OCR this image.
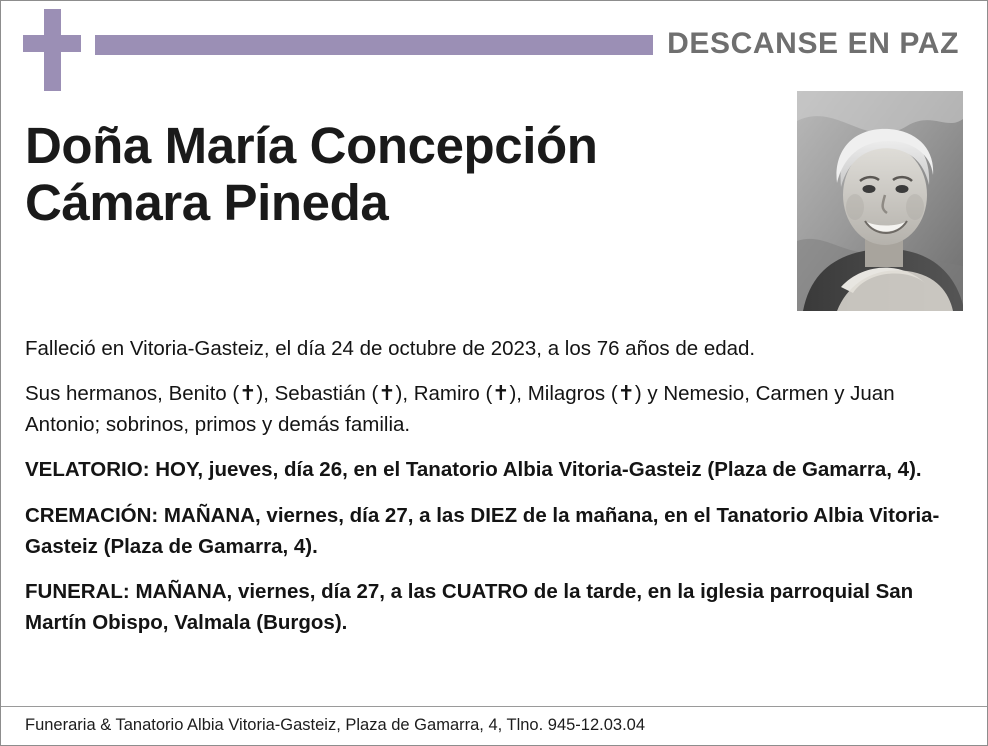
DESCANSE EN PAZ
Doña María Concepción
Cámara Pineda

Falleció en Vitoria-Gasteiz, el día 24 de octubre de 2023, a los 76 años de edad.

Sus hermanos, Benito (✝), Sebastián (✝), Ramiro (✝), Milagros (✝) y Nemesio, Carmen y Juan Antonio; sobrinos, primos y demás familia.

VELATORIO: HOY, jueves, día 26, en el Tanatorio Albia Vitoria-Gasteiz (Plaza de Gamarra, 4).

CREMACIÓN: MAÑANA, viernes, día 27, a las DIEZ de la mañana, en el Tanatorio Albia Vitoria-Gasteiz (Plaza de Gamarra, 4).

FUNERAL: MAÑANA, viernes, día 27, a las CUATRO de la tarde, en la iglesia parroquial San Martín Obispo, Valmala (Burgos).

Funeraria & Tanatorio Albia Vitoria-Gasteiz, Plaza de Gamarra, 4, Tlno. 945-12.03.04
